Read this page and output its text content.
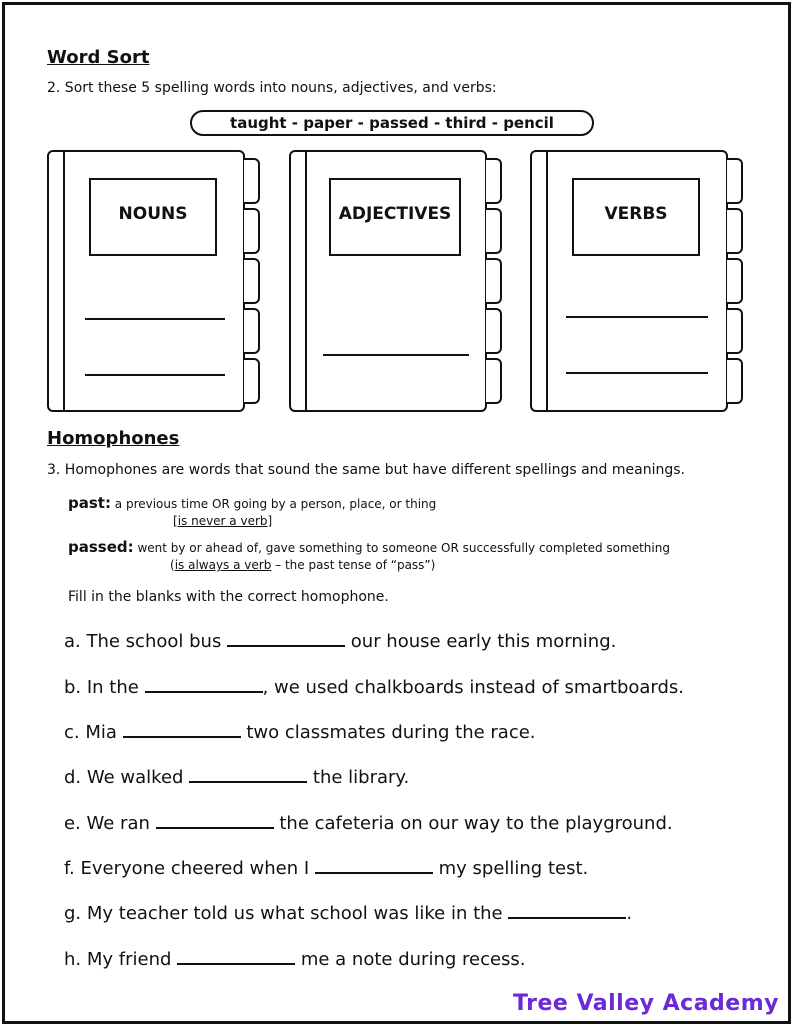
Word Sort
2. Sort these 5 spelling words into nouns, adjectives, and verbs:
taught - paper - passed - third - pencil
NOUNS	ADJECTIVES	VERBS
Homophones
3. Homophones are words that sound the same but have different spellings and meanings.
past: a previous time OR going by a person, place, or thing
[is never a verb]
passed: went by or ahead of, gave something to someone OR successfully completed something
(is always a verb – the past tense of “pass”)
Fill in the blanks with the correct homophone.
a. The school bus	our house early this morning.
b. In the	, we used chalkboards instead of smartboards.
c. Mia	two classmates during the race.
d. We walked	the library.
e. We ran	the cafeteria on our way to the playground.
f. Everyone cheered when I	my spelling test.
g. My teacher told us what school was like in the	.
h. My friend	me a note during recess.
Tree Valley Academy
